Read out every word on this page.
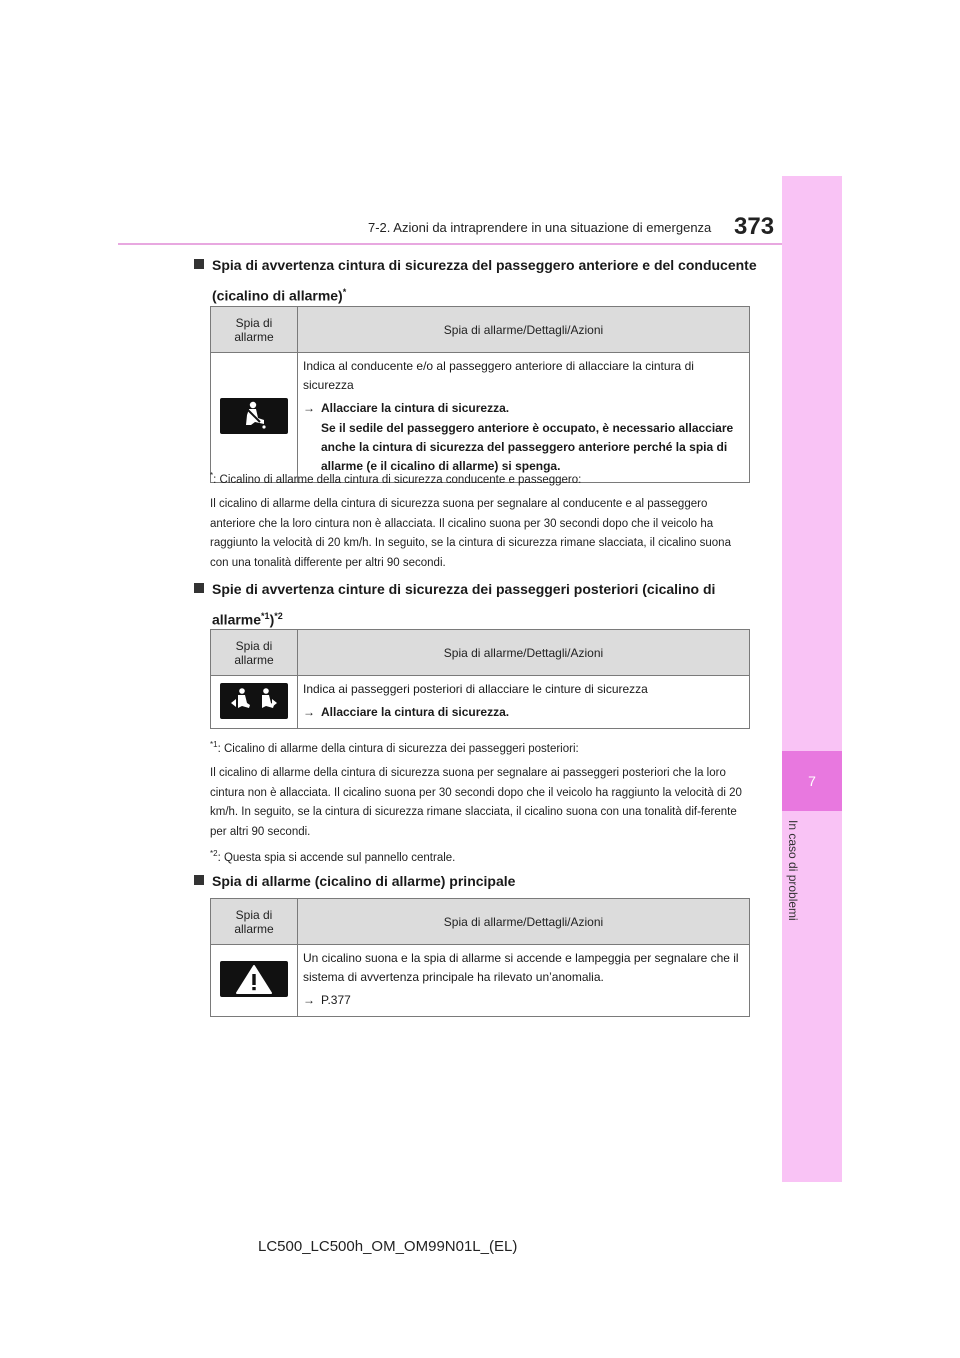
7-2. Azioni da intraprendere in una situazione di emergenza 373
7
In caso di problemi
Spia di avvertenza cintura di sicurezza del passeggero anteriore e del conducente
(cicalino di allarme)*
Spia di
allarme	Spia di allarme/Dettagli/Azioni

Indica al conducente e/o al passeggero anteriore di allacciare la cintura di sicurezza
→ Allacciare la cintura di sicurezza.
Se il sedile del passeggero anteriore è occupato, è necessario allacciare anche la cintura di sicurezza del passeggero anteriore perché la spia di allarme (e il cicalino di allarme) si spenga.
*: Cicalino di allarme della cintura di sicurezza conducente e passeggero:
Il cicalino di allarme della cintura di sicurezza suona per segnalare al conducente e al passeggero anteriore che la loro cintura non è allacciata. Il cicalino suona per 30 secondi dopo che il veicolo ha raggiunto la velocità di 20 km/h. In seguito, se la cintura di sicurezza rimane slacciata, il cicalino suona con una tonalità differente per altri 90 secondi.
Spie di avvertenza cinture di sicurezza dei passeggeri posteriori (cicalino di
allarme$^{*1}$)$^{*2}$
Spia di
allarme	Spia di allarme/Dettagli/Azioni

Indica ai passeggeri posteriori di allacciare le cinture di sicurezza
→ Allacciare la cintura di sicurezza.
$^{*1}$: Cicalino di allarme della cintura di sicurezza dei passeggeri posteriori:
Il cicalino di allarme della cintura di sicurezza suona per segnalare ai passeggeri posteriori che la loro cintura non è allacciata. Il cicalino suona per 30 secondi dopo che il veicolo ha raggiunto la velocità di 20 km/h. In seguito, se la cintura di sicurezza rimane slacciata, il cicalino suona con una tonalità dif-ferente per altri 90 secondi.
$^{*2}$: Questa spia si accende sul pannello centrale.
Spia di allarme (cicalino di allarme) principale
Spia di
allarme	Spia di allarme/Dettagli/Azioni

Un cicalino suona e la spia di allarme si accende e lampeggia per segnalare che il sistema di avvertenza principale ha rilevato un’anomalia.
→ P.377
LC500_LC500h_OM_OM99N01L_(EL)
